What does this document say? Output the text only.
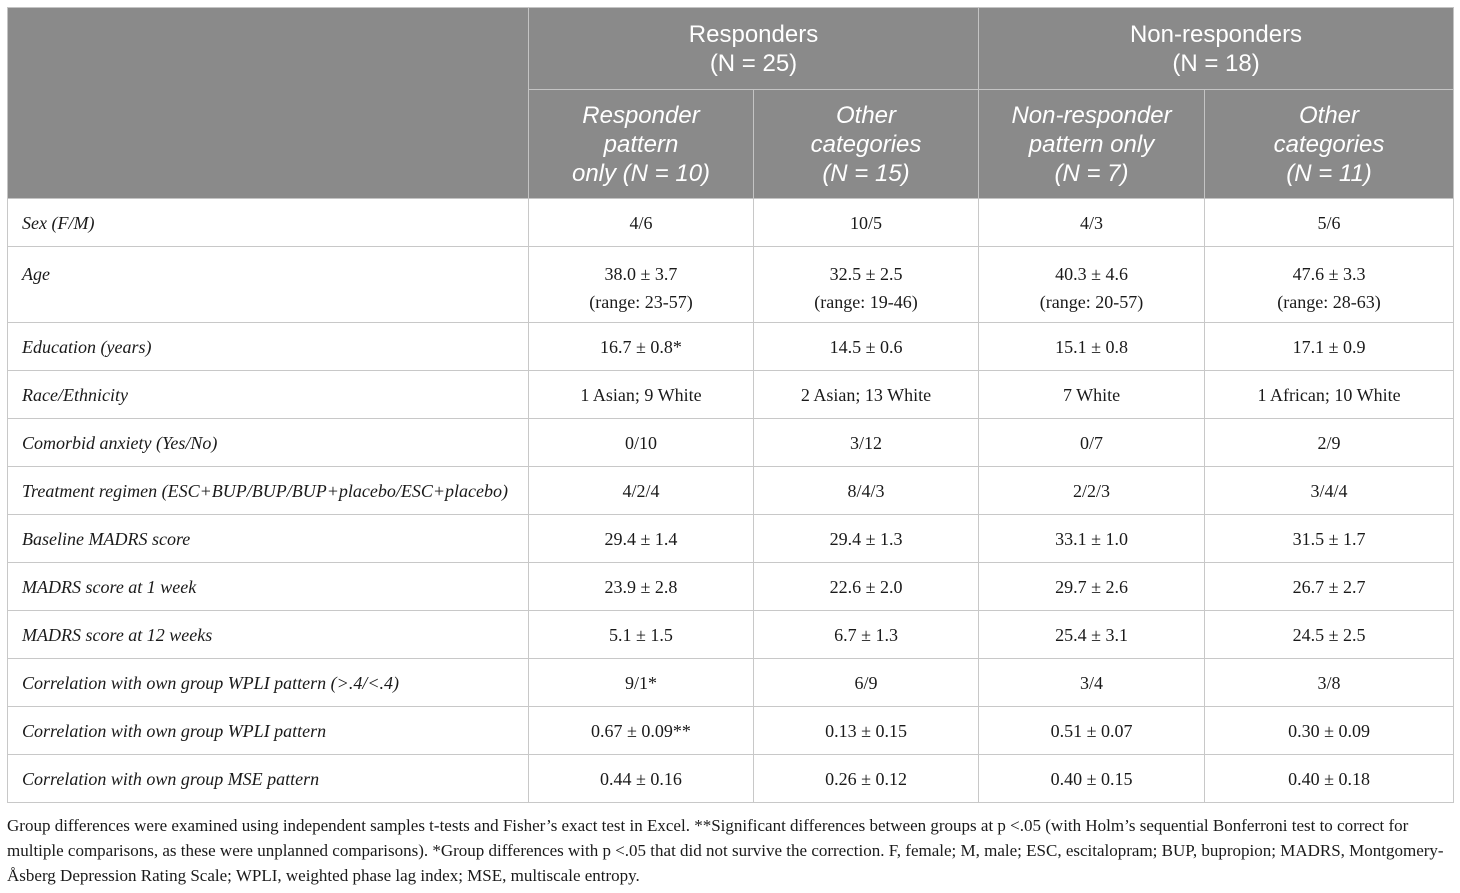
	Responders
(N = 25)		Non-responders
(N = 18)	

	Responder
pattern
only (N = 10)	Other
categories
(N = 15)	Non-responder
pattern only
(N = 7)	Other
categories
(N = 11)

Sex (F/M)	4/6	10/5	4/3	5/6
Age	38.0 ± 3.7
(range: 23-57)	32.5 ± 2.5
(range: 19-46)	40.3 ± 4.6
(range: 20-57)	47.6 ± 3.3
(range: 28-63)

Education (years)	16.7 ± 0.8*	14.5 ± 0.6	15.1 ± 0.8	17.1 ± 0.9
Race/Ethnicity	1 Asian; 9 White	2 Asian; 13 White	7 White	1 African; 10 White
Comorbid anxiety (Yes/No)	0/10	3/12	0/7	2/9
Treatment regimen (ESC+BUP/BUP/BUP+placebo/ESC+placebo)	4/2/4	8/4/3	2/2/3	3/4/4
Baseline MADRS score	29.4 ± 1.4	29.4 ± 1.3	33.1 ± 1.0	31.5 ± 1.7
MADRS score at 1 week	23.9 ± 2.8	22.6 ± 2.0	29.7 ± 2.6	26.7 ± 2.7
MADRS score at 12 weeks	5.1 ± 1.5	6.7 ± 1.3	25.4 ± 3.1	24.5 ± 2.5
Correlation with own group WPLI pattern (>.4/<.4)	9/1*	6/9	3/4	3/8
Correlation with own group WPLI pattern	0.67 ± 0.09**	0.13 ± 0.15	0.51 ± 0.07	0.30 ± 0.09
Correlation with own group MSE pattern	0.44 ± 0.16	0.26 ± 0.12	0.40 ± 0.15	0.40 ± 0.18
Group differences were examined using independent samples t-tests and Fisher’s exact test in Excel. **Significant differences between groups at p <.05 (with Holm’s sequential Bonferroni test to correct for multiple comparisons, as these were unplanned comparisons). *Group differences with p <.05 that did not survive the correction. F, female; M, male; ESC, escitalopram; BUP, bupropion; MADRS, Montgomery-Åsberg Depression Rating Scale; WPLI, weighted phase lag index; MSE, multiscale entropy.
